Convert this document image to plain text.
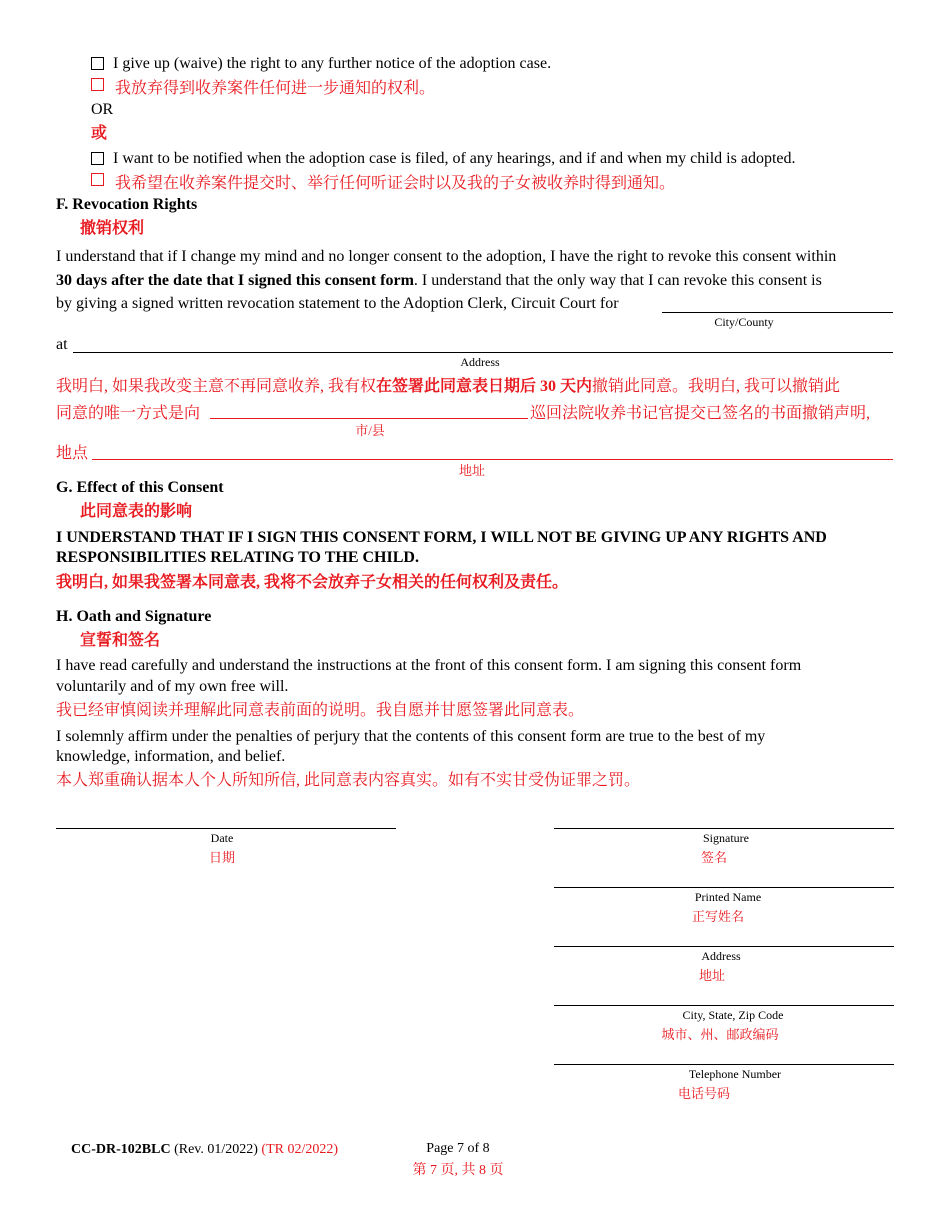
I give up (waive) the right to any further notice of the adoption case.
我放弃得到收养案件任何进一步通知的权利。
OR
或
I want to be notified when the adoption case is filed, of any hearings, and if and when my child is adopted.
我希望在收养案件提交时、举行任何听证会时以及我的子女被收养时得到通知。
F. Revocation Rights
撤销权利
I understand that if I change my mind and no longer consent to the adoption, I have the right to revoke this consent within
30 days after the date that I signed this consent form. I understand that the only way that I can revoke this consent is
by giving a signed written revocation statement to the Adoption Clerk, Circuit Court for
City/County
at
Address
我明白, 如果我改变主意不再同意收养, 我有权在签署此同意表日期后 30 天内撤销此同意。我明白, 我可以撤销此
同意的唯一方式是向	巡回法院收养书记官提交已签名的书面撤销声明,
市/县
地点
地址
G. Effect of this Consent
此同意表的影响
I UNDERSTAND THAT IF I SIGN THIS CONSENT FORM, I WILL NOT BE GIVING UP ANY RIGHTS AND
RESPONSIBILITIES RELATING TO THE CHILD.
我明白, 如果我签署本同意表, 我将不会放弃子女相关的任何权利及责任。
H. Oath and Signature
宣誓和签名
I have read carefully and understand the instructions at the front of this consent form. I am signing this consent form
voluntarily and of my own free will.
我已经审慎阅读并理解此同意表前面的说明。我自愿并甘愿签署此同意表。
I solemnly affirm under the penalties of perjury that the contents of this consent form are true to the best of my
knowledge, information, and belief.
本人郑重确认据本人个人所知所信, 此同意表内容真实。如有不实甘受伪证罪之罚。
Date
日期
Signature
签名
Printed Name
正写姓名
Address
地址
City, State, Zip Code
城市、州、邮政编码
Telephone Number
电话号码
CC-DR-102BLC (Rev. 01/2022) (TR 02/2022)	Page 7 of 8
第 7 页, 共 8 页
